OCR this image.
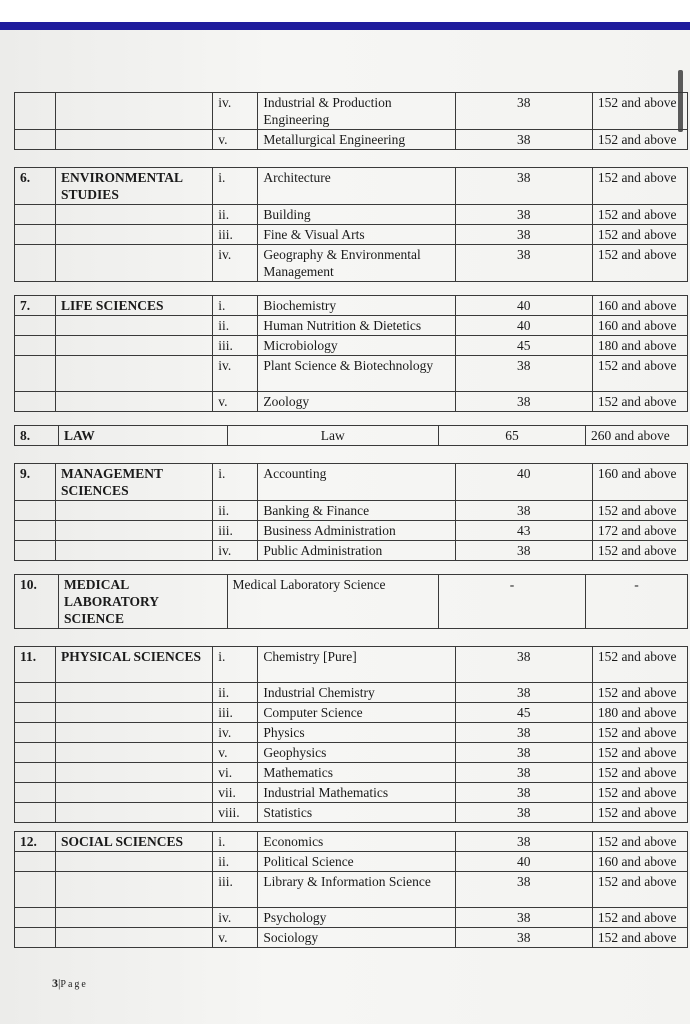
		iv.	Industrial & Production Engineering	38	152 and above
		v.	Metallurgical Engineering	38	152 and above
6.	ENVIRONMENTAL STUDIES	i.	Architecture	38	152 and above
		ii.	Building	38	152 and above
		iii.	Fine & Visual Arts	38	152 and above
		iv.	Geography & Environmental Management	38	152 and above
7.	LIFE SCIENCES	i.	Biochemistry	40	160 and above
		ii.	Human Nutrition & Dietetics	40	160 and above
		iii.	Microbiology	45	180 and above
		iv.	Plant Science & Biotechnology	38	152 and above
		v.	Zoology	38	152 and above
8.	LAW	Law	65	260 and above
9.	MANAGEMENT SCIENCES	i.	Accounting	40	160 and above
		ii.	Banking & Finance	38	152 and above
		iii.	Business Administration	43	172 and above
		iv.	Public Administration	38	152 and above
10.	MEDICAL LABORATORY SCIENCE	Medical Laboratory Science	-	-
11.	PHYSICAL SCIENCES	i.	Chemistry [Pure]	38	152 and above
		ii.	Industrial Chemistry	38	152 and above
		iii.	Computer Science	45	180 and above
		iv.	Physics	38	152 and above
		v.	Geophysics	38	152 and above
		vi.	Mathematics	38	152 and above
		vii.	Industrial Mathematics	38	152 and above
		viii.	Statistics	38	152 and above
12.	SOCIAL SCIENCES	i.	Economics	38	152 and above
		ii.	Political Science	40	160 and above
		iii.	Library & Information Science	38	152 and above
		iv.	Psychology	38	152 and above
		v.	Sociology	38	152 and above
3|Page
